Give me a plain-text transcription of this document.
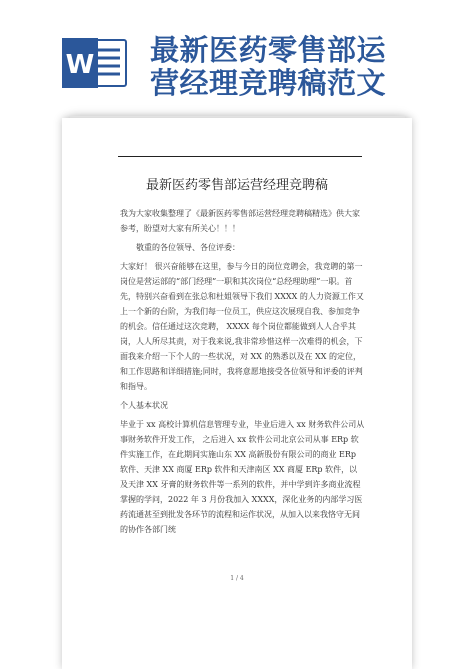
W 最新医药零售部运
营经理竞聘稿范文
最新医药零售部运营经理竞聘稿

我为大家收集整理了《最新医药零售部运营经理竞聘稿精选》供大家参考，盼望对大家有所关心！！！

敬重的各位领导、各位评委：

大家好！ 很兴奋能够在这里，参与今日的岗位竞聘会，我竞聘的第一岗位是营运部的“部门经理”一职和其次岗位“总经理助理”一职。首先，特别兴奋看到在张总和杜姐领导下我们 XXXX 的人力资源工作又上一个新的台阶，为我们每一位员工，供应这次展现自我、参加竞争的机会。信任通过这次竞聘， XXXX 每个岗位都能做到人人合乎其岗，人人所尽其责，对于我来说,我非常珍惜这样一次难得的机会，下面我来介绍一下个人的一些状况，对 XX 的熟悉以及在 XX 的定位，和工作思路和详细措施;同时，我将意愿地接受各位领导和评委的评判和指导。

个人基本状况

毕业于 xx 高校计算机信息管理专业，毕业后进入 xx 财务软件公司从事财务软件开发工作， 之后进入 xx 软件公司北京公司从事 ERp 软件实施工作，在此期间实施山东 XX 高新股份有限公司的商业 ERp 软件、天津 XX 商厦 ERp 软件和天津南区 XX 商厦 ERp 软件，以及天津 XX 牙膏的财务软件等一系列的软件，并中学到许多商业流程掌握的学问，2022 年 3 月份我加入 XXXX，深化业务的内部学习医药流通甚至到批发各环节的流程和运作状况，从加入以来我恪守无间的协作各部门统

1 / 4
